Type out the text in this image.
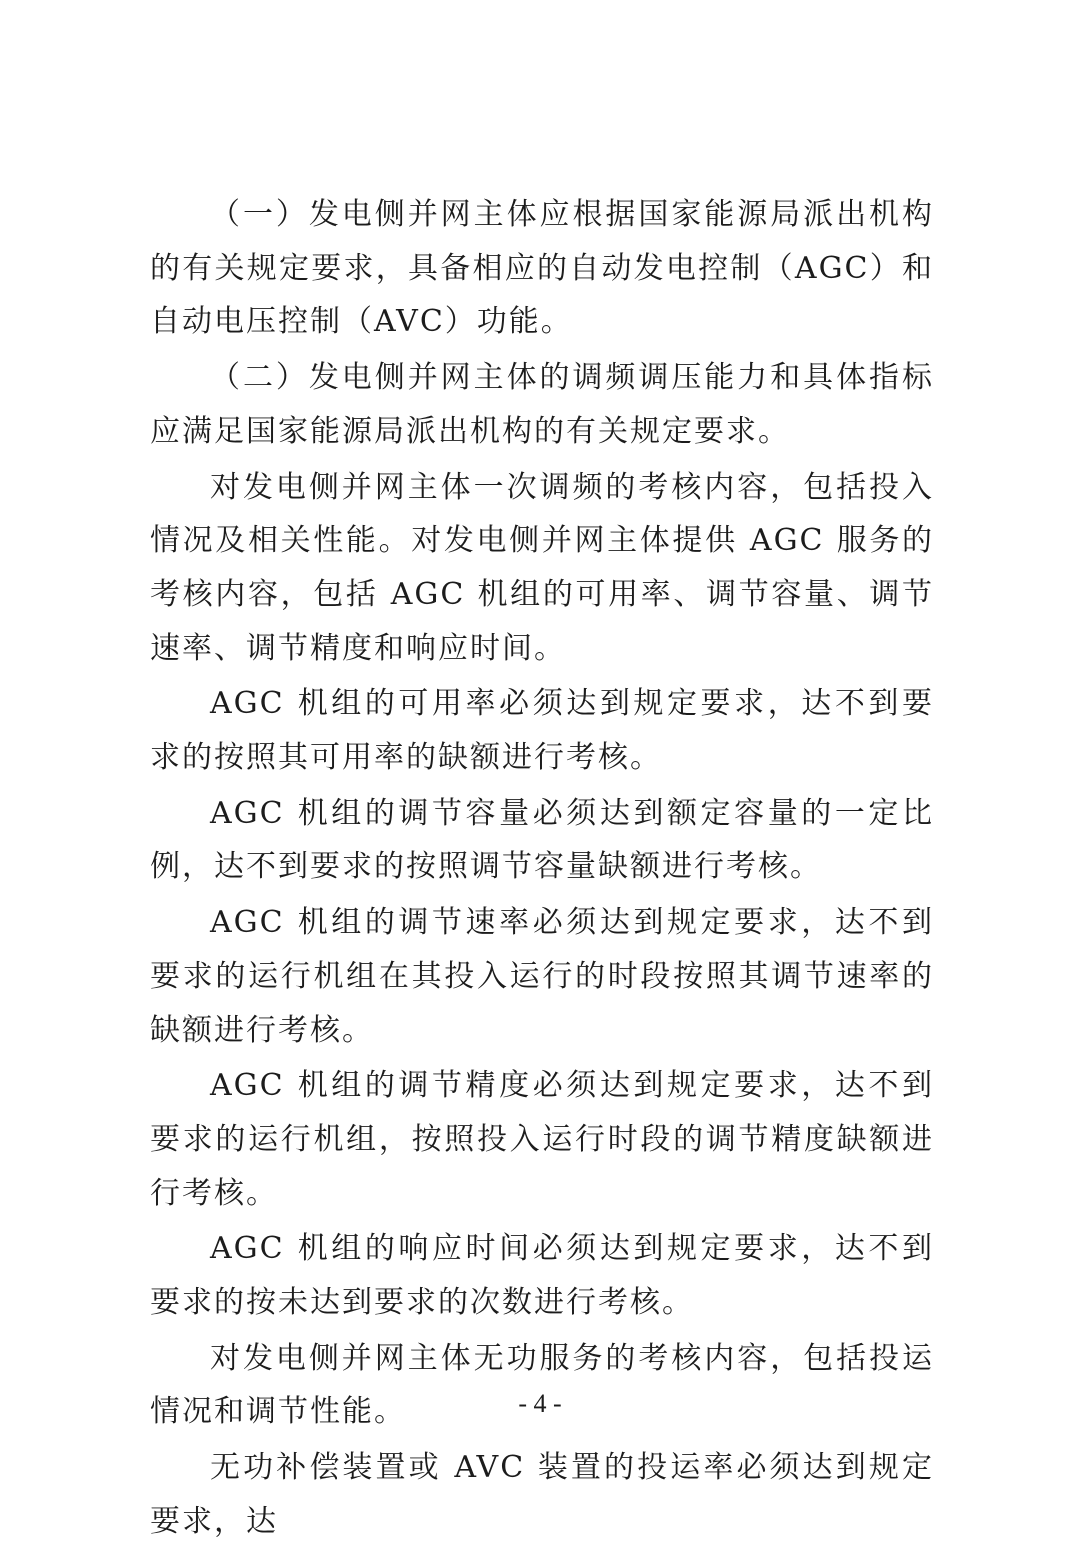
（一）发电侧并网主体应根据国家能源局派出机构的有关规定要求，具备相应的自动发电控制（AGC）和自动电压控制（AVC）功能。

（二）发电侧并网主体的调频调压能力和具体指标应满足国家能源局派出机构的有关规定要求。

对发电侧并网主体一次调频的考核内容，包括投入情况及相关性能。对发电侧并网主体提供 AGC 服务的考核内容，包括 AGC 机组的可用率、调节容量、调节速率、调节精度和响应时间。

AGC 机组的可用率必须达到规定要求，达不到要求的按照其可用率的缺额进行考核。

AGC 机组的调节容量必须达到额定容量的一定比例，达不到要求的按照调节容量缺额进行考核。

AGC 机组的调节速率必须达到规定要求，达不到要求的运行机组在其投入运行的时段按照其调节速率的缺额进行考核。

AGC 机组的调节精度必须达到规定要求，达不到要求的运行机组，按照投入运行时段的调节精度缺额进行考核。

AGC 机组的响应时间必须达到规定要求，达不到要求的按未达到要求的次数进行考核。

对发电侧并网主体无功服务的考核内容，包括投运情况和调节性能。

无功补偿装置或 AVC 装置的投运率必须达到规定要求，达

- 4 -
